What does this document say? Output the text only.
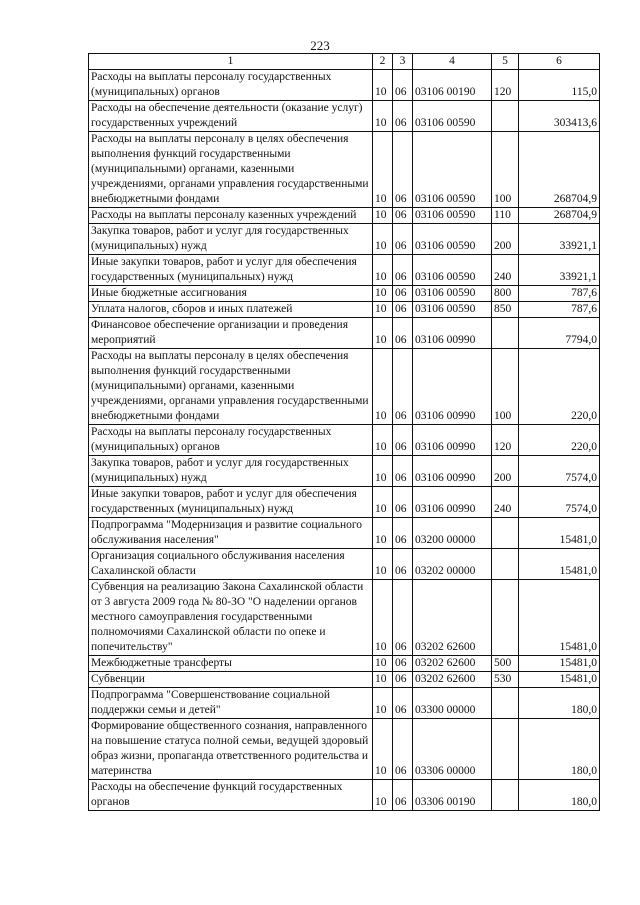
223
1	2	3	4	5	6
Расходы на выплаты персоналу государственных (муниципальных) органов	10	06	03106 00190	120	115,0
Расходы на обеспечение деятельности (оказание услуг) государственных учреждений	10	06	03106 00590		303413,6
Расходы на выплаты персоналу в целях обеспечения выполнения функций государственными (муниципальными) органами, казенными учреждениями, органами управления государственными внебюджетными фондами	10	06	03106 00590	100	268704,9
Расходы на выплаты персоналу казенных учреждений	10	06	03106 00590	110	268704,9
Закупка товаров, работ и услуг для государственных (муниципальных) нужд	10	06	03106 00590	200	33921,1
Иные закупки товаров, работ и услуг для обеспечения государственных (муниципальных) нужд	10	06	03106 00590	240	33921,1
Иные бюджетные ассигнования	10	06	03106 00590	800	787,6
Уплата налогов, сборов и иных платежей	10	06	03106 00590	850	787,6
Финансовое обеспечение организации и проведения мероприятий	10	06	03106 00990		7794,0
Расходы на выплаты персоналу в целях обеспечения выполнения функций государственными (муниципальными) органами, казенными учреждениями, органами управления государственными внебюджетными фондами	10	06	03106 00990	100	220,0
Расходы на выплаты персоналу государственных (муниципальных) органов	10	06	03106 00990	120	220,0
Закупка товаров, работ и услуг для государственных (муниципальных) нужд	10	06	03106 00990	200	7574,0
Иные закупки товаров, работ и услуг для обеспечения государственных (муниципальных) нужд	10	06	03106 00990	240	7574,0
Подпрограмма "Модернизация и развитие социального обслуживания населения"	10	06	03200 00000		15481,0
Организация социального обслуживания населения Сахалинской области	10	06	03202 00000		15481,0
Субвенция на реализацию Закона Сахалинской области от 3 августа 2009 года № 80-ЗО "О наделении органов местного самоуправления государственными полномочиями Сахалинской области по опеке и попечительству"	10	06	03202 62600		15481,0
Межбюджетные трансферты	10	06	03202 62600	500	15481,0
Субвенции	10	06	03202 62600	530	15481,0
Подпрограмма "Совершенствование социальной поддержки семьи и детей"	10	06	03300 00000		180,0
Формирование общественного сознания, направленного на повышение статуса полной семьи, ведущей здоровый образ жизни, пропаганда ответственного родительства и материнства	10	06	03306 00000		180,0
Расходы на обеспечение функций государственных органов	10	06	03306 00190		180,0
